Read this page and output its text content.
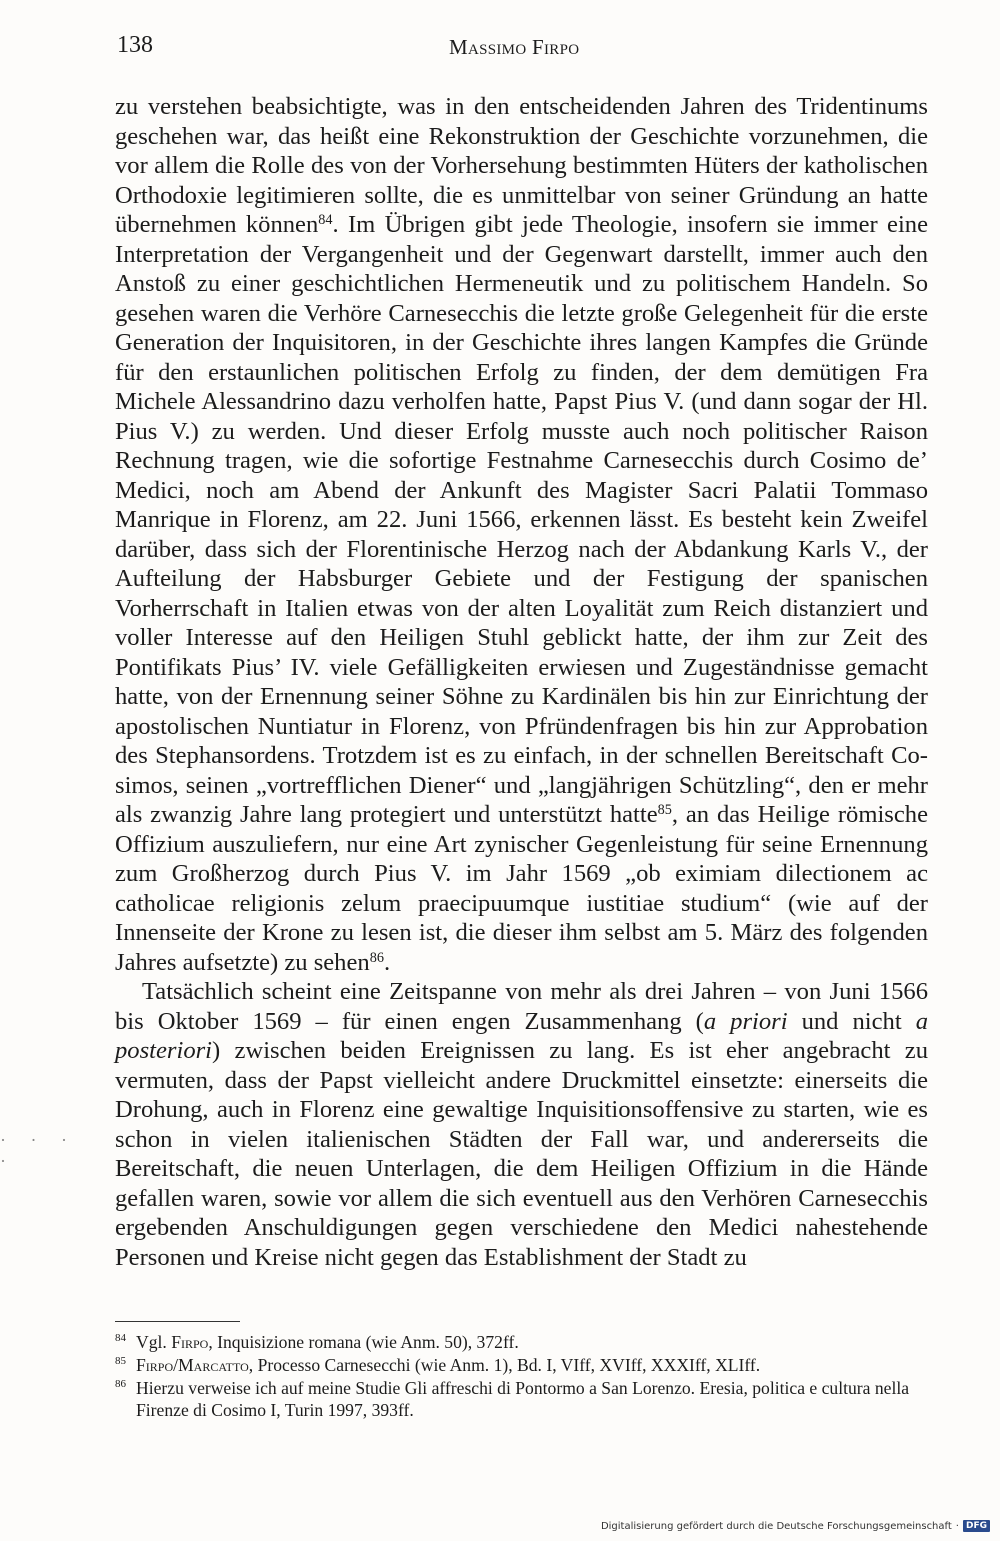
138	Massimo Firpo

zu verstehen beabsichtigte, was in den entscheidenden Jahren des Tridentinums geschehen war, das heißt eine Rekonstruktion der Geschichte vorzunehmen, die vor allem die Rolle des von der Vorhersehung bestimmten Hüters der katholischen Orthodoxie legitimieren sollte, die es unmittelbar von seiner Gründung an hatte übernehmen können$^{84}$. Im Übrigen gibt jede Theologie, insofern sie immer eine Interpretation der Vergangenheit und der Gegenwart darstellt, immer auch den Anstoß zu einer geschichtlichen Hermeneutik und zu politischem Handeln. So gesehen waren die Verhöre Carnesecchis die letzte große Gelegenheit für die erste Generation der Inquisitoren, in der Geschichte ihres langen Kampfes die Gründe für den erstaunlichen politischen Erfolg zu finden, der dem demütigen Fra Michele Alessandrino dazu verholfen hatte, Papst Pius V. (und dann sogar der Hl. Pius V.) zu werden. Und dieser Erfolg musste auch noch politischer Raison Rechnung tragen, wie die sofortige Festnahme Carnesecchis durch Cosimo de’ Medici, noch am Abend der Ankunft des Magister Sacri Palatii Tommaso Manrique in Florenz, am 22. Juni 1566, erkennen lässt. Es besteht kein Zweifel darüber, dass sich der Florentinische Herzog nach der Abdankung Karls V., der Aufteilung der Habsburger Gebiete und der Festigung der spanischen Vorherrschaft in Italien etwas von der alten Loyalität zum Reich distanziert und voller Interesse auf den Heiligen Stuhl geblickt hatte, der ihm zur Zeit des Pontifikats Pius’ IV. viele Gefälligkeiten erwiesen und Zugeständnisse gemacht hatte, von der Ernennung seiner Söhne zu Kardinälen bis hin zur Einrichtung der apostolischen Nuntiatur in Florenz, von Pfründenfragen bis hin zur Approbation des Stephansordens. Trotzdem ist es zu einfach, in der schnellen Bereitschaft Cosimos, seinen „vortrefflichen Diener“ und „langjährigen Schützling“, den er mehr als zwanzig Jahre lang protegiert und unterstützt hatte$^{85}$, an das Heilige römische Offizium auszuliefern, nur eine Art zynischer Gegenleistung für seine Ernennung zum Großherzog durch Pius V. im Jahr 1569 „ob eximiam dilectionem ac catholicae religionis zelum praecipuumque iustitiae studium“ (wie auf der Innenseite der Krone zu lesen ist, die dieser ihm selbst am 5. März des folgenden Jahres aufsetzte) zu sehen$^{86}$.

Tatsächlich scheint eine Zeitspanne von mehr als drei Jahren – von Juni 1566 bis Oktober 1569 – für einen engen Zusammenhang (a priori und nicht a posteriori) zwischen beiden Ereignissen zu lang. Es ist eher angebracht zu vermuten, dass der Papst vielleicht andere Druckmittel einsetzte: einerseits die Drohung, auch in Florenz eine gewaltige Inquisitionsoffensive zu starten, wie es schon in vielen italienischen Städten der Fall war, und andererseits die Bereitschaft, die neuen Unterlagen, die dem Heiligen Offizium in die Hände gefallen waren, sowie vor allem die sich eventuell aus den Verhören Carnesecchis ergebenden Anschuldigungen gegen verschiedene den Medici nahestehende Personen und Kreise nicht gegen das Establishment der Stadt zu

· · · ·
84 Vgl. Firpo, Inquisizione romana (wie Anm. 50), 372ff.
85 Firpo/Marcatto, Processo Carnesecchi (wie Anm. 1), Bd. I, VIff, XVIff, XXXIff, XLIff.
86 Hierzu verweise ich auf meine Studie Gli affreschi di Pontormo a San Lorenzo. Eresia, politica e cultura nella Firenze di Cosimo I, Turin 1997, 393ff.
Digitalisierung gefördert durch die Deutsche Forschungsgemeinschaft · DFG
